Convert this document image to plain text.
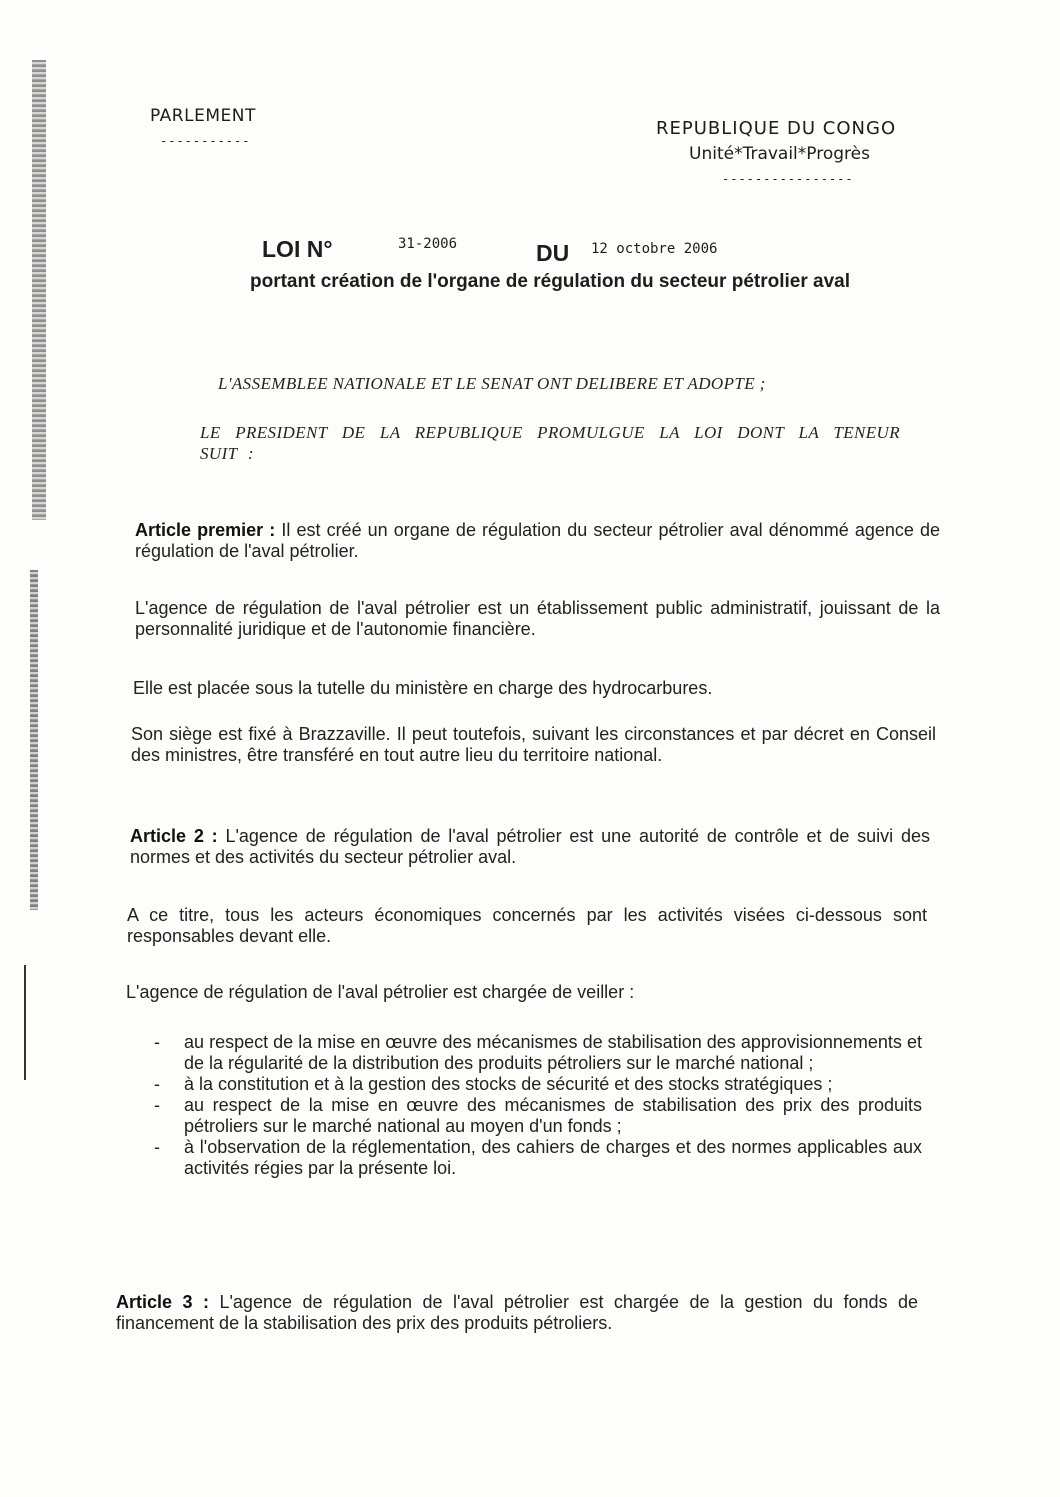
PARLEMENT
-----------
REPUBLIQUE DU CONGO
Unité*Travail*Progrès
----------------
LOI N°	31-2006	DU 12 octobre 2006
portant création de l'organe de régulation du secteur pétrolier aval
L'ASSEMBLEE NATIONALE ET LE SENAT ONT DELIBERE ET ADOPTE ;
LE PRESIDENT DE LA REPUBLIQUE PROMULGUE LA LOI DONT LA TENEUR SUIT :
Article premier : Il est créé un organe de régulation du secteur pétrolier aval dénommé agence de régulation de l'aval pétrolier.
L'agence de régulation de l'aval pétrolier est un établissement public administratif, jouissant de la personnalité juridique et de l'autonomie financière.
Elle est placée sous la tutelle du ministère en charge des hydrocarbures.
Son siège est fixé à Brazzaville. Il peut toutefois, suivant les circonstances et par décret en Conseil des ministres, être transféré en tout autre lieu du territoire national.
Article 2 : L'agence de régulation de l'aval pétrolier est une autorité de contrôle et de suivi des normes et des activités du secteur pétrolier aval.
A ce titre, tous les acteurs économiques concernés par les activités visées ci-dessous sont responsables devant elle.
L'agence de régulation de l'aval pétrolier est chargée de veiller :
- au respect de la mise en œuvre des mécanismes de stabilisation des approvisionnements et de la régularité de la distribution des produits pétroliers sur le marché national ;
- à la constitution et à la gestion des stocks de sécurité et des stocks stratégiques ;
- au respect de la mise en œuvre des mécanismes de stabilisation des prix des produits pétroliers sur le marché national au moyen d'un fonds ;
- à l'observation de la réglementation, des cahiers de charges et des normes applicables aux activités régies par la présente loi.
Article 3 : L'agence de régulation de l'aval pétrolier est chargée de la gestion du fonds de financement de la stabilisation des prix des produits pétroliers.
